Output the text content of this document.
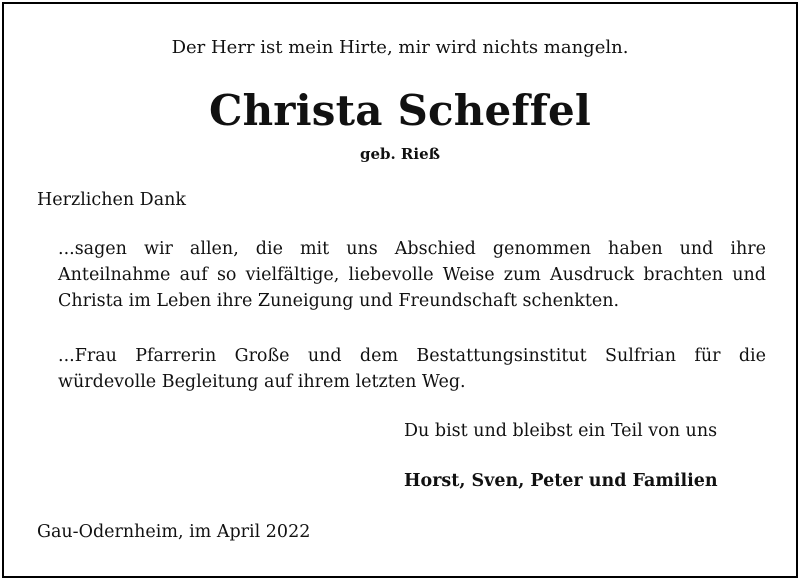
Der Herr ist mein Hirte, mir wird nichts mangeln.

Christa Scheffel

geb. Rieß

Herzlichen Dank

...sagen wir allen, die mit uns Abschied genommen haben und ihre Anteilnahme auf so vielfältige, liebevolle Weise zum Ausdruck brachten und Christa im Leben ihre Zuneigung und Freundschaft schenkten.

...Frau Pfarrerin Große und dem Bestattungsinstitut Sulfrian für die würdevolle Begleitung auf ihrem letzten Weg.

Du bist und bleibst ein Teil von uns

Horst, Sven, Peter und Familien

Gau-Odernheim, im April 2022
